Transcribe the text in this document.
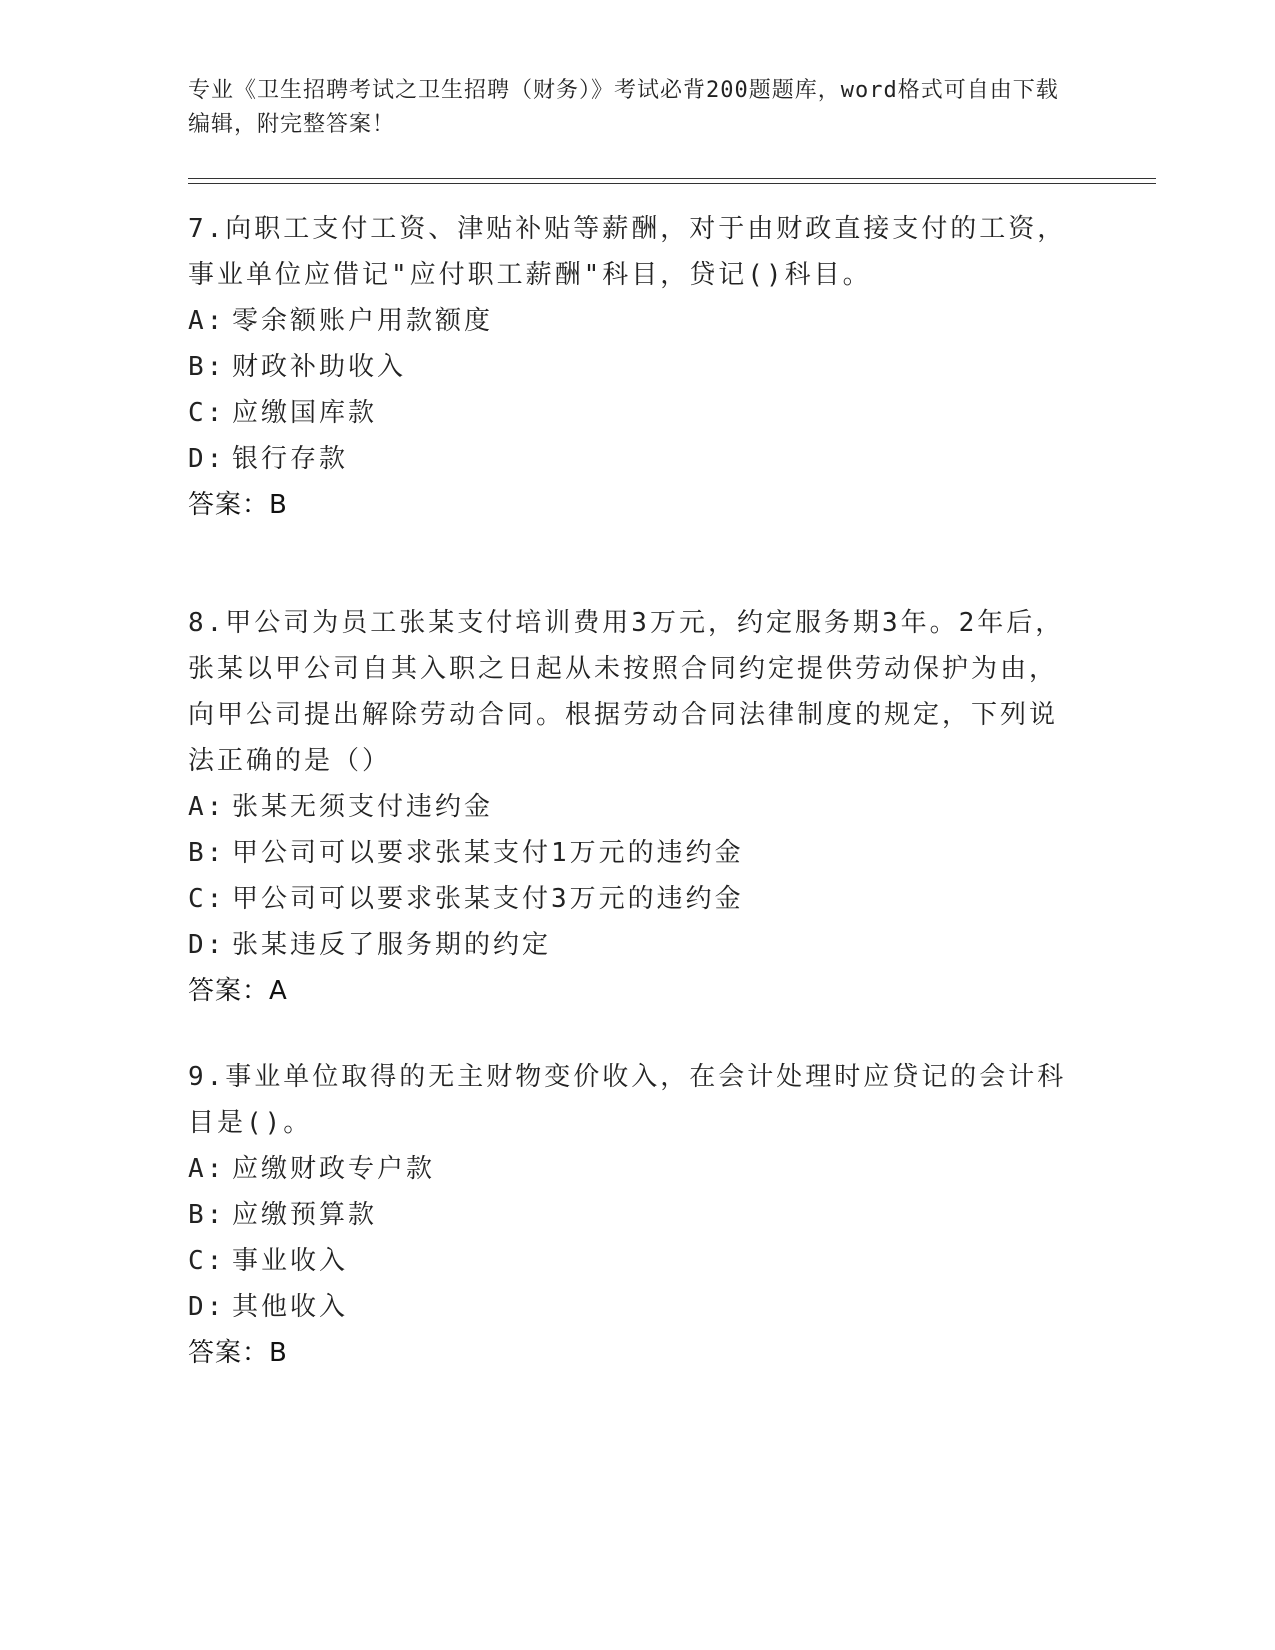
专业《卫生招聘考试之卫生招聘（财务）》考试必背200题题库，word格式可自由下载编辑，附完整答案！

7.向职工支付工资、津贴补贴等薪酬，对于由财政直接支付的工资，事业单位应借记"应付职工薪酬"科目，贷记()科目。

A: 零余额账户用款额度

B: 财政补助收入

C: 应缴国库款

D: 银行存款

答案：B

8.甲公司为员工张某支付培训费用3万元，约定服务期3年。2年后，张某以甲公司自其入职之日起从未按照合同约定提供劳动保护为由，向甲公司提出解除劳动合同。根据劳动合同法律制度的规定，下列说法正确的是（）

A: 张某无须支付违约金

B: 甲公司可以要求张某支付1万元的违约金

C: 甲公司可以要求张某支付3万元的违约金

D: 张某违反了服务期的约定

答案：A

9.事业单位取得的无主财物变价收入，在会计处理时应贷记的会计科目是()。

A: 应缴财政专户款

B: 应缴预算款

C: 事业收入

D: 其他收入

答案：B
